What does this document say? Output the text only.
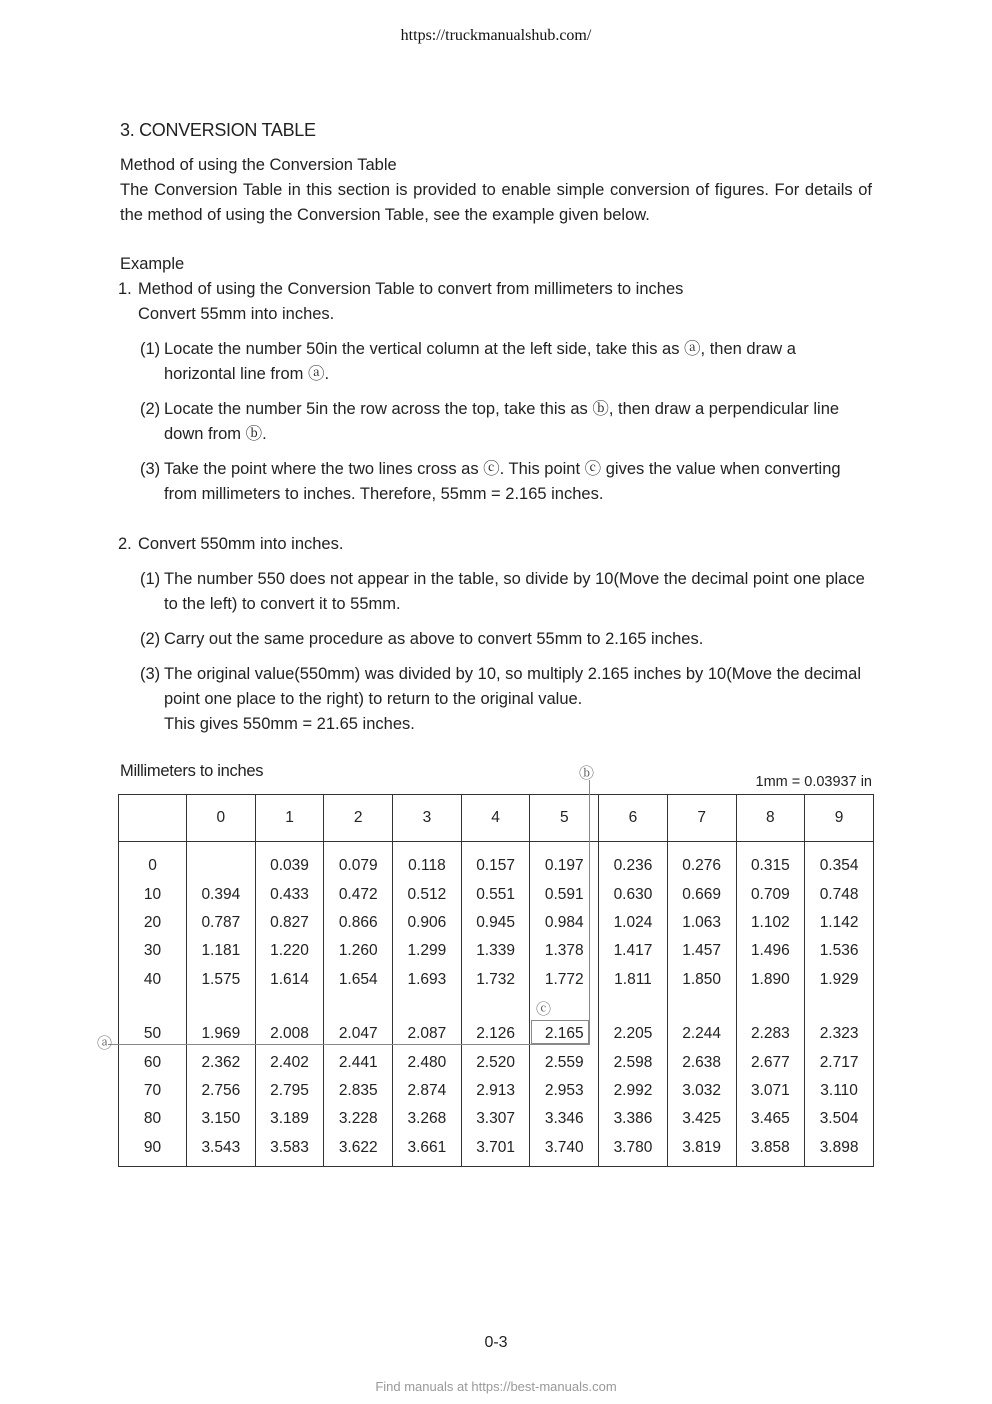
https://truckmanualshub.com/
3. CONVERSION TABLE

Method of using the Conversion Table

The Conversion Table in this section is provided to enable simple conversion of figures. For details of the method of using the Conversion Table, see the example given below.

Example

1. Method of using the Conversion Table to convert from millimeters to inches
Convert 55mm into inches.
(1) Locate the number 50in the vertical column at the left side, take this as ⓐ, then draw a horizontal line from ⓐ.
(2) Locate the number 5in the row across the top, take this as ⓑ, then draw a perpendicular line down from ⓑ.
(3) Take the point where the two lines cross as ⓒ. This point ⓒ gives the value when converting from millimeters to inches. Therefore, 55mm = 2.165 inches.
2. Convert 550mm into inches.
(1) The number 550 does not appear in the table, so divide by 10(Move the decimal point one place to the left) to convert it to 55mm.
(2) Carry out the same procedure as above to convert 55mm to 2.165 inches.
(3) The original value(550mm) was divided by 10, so multiply 2.165 inches by 10(Move the decimal point one place to the right) to return to the original value.
This gives 550mm = 21.65 inches.
Millimeters to inches
1mm = 0.03937 in
	0	1	2	3	4	5	6	7	8	9
0		0.039	0.079	0.118	0.157	0.197	0.236	0.276	0.315	0.354
10	0.394	0.433	0.472	0.512	0.551	0.591	0.630	0.669	0.709	0.748
20	0.787	0.827	0.866	0.906	0.945	0.984	1.024	1.063	1.102	1.142
30	1.181	1.220	1.260	1.299	1.339	1.378	1.417	1.457	1.496	1.536
40	1.575	1.614	1.654	1.693	1.732	1.772	1.811	1.850	1.890	1.929
50	1.969	2.008	2.047	2.087	2.126	2.165	2.205	2.244	2.283	2.323
60	2.362	2.402	2.441	2.480	2.520	2.559	2.598	2.638	2.677	2.717
70	2.756	2.795	2.835	2.874	2.913	2.953	2.992	3.032	3.071	3.110
80	3.150	3.189	3.228	3.268	3.307	3.346	3.386	3.425	3.465	3.504
90	3.543	3.583	3.622	3.661	3.701	3.740	3.780	3.819	3.858	3.898
ⓑ
ⓐ
ⓒ
0-3
Find manuals at https://best-manuals.com
